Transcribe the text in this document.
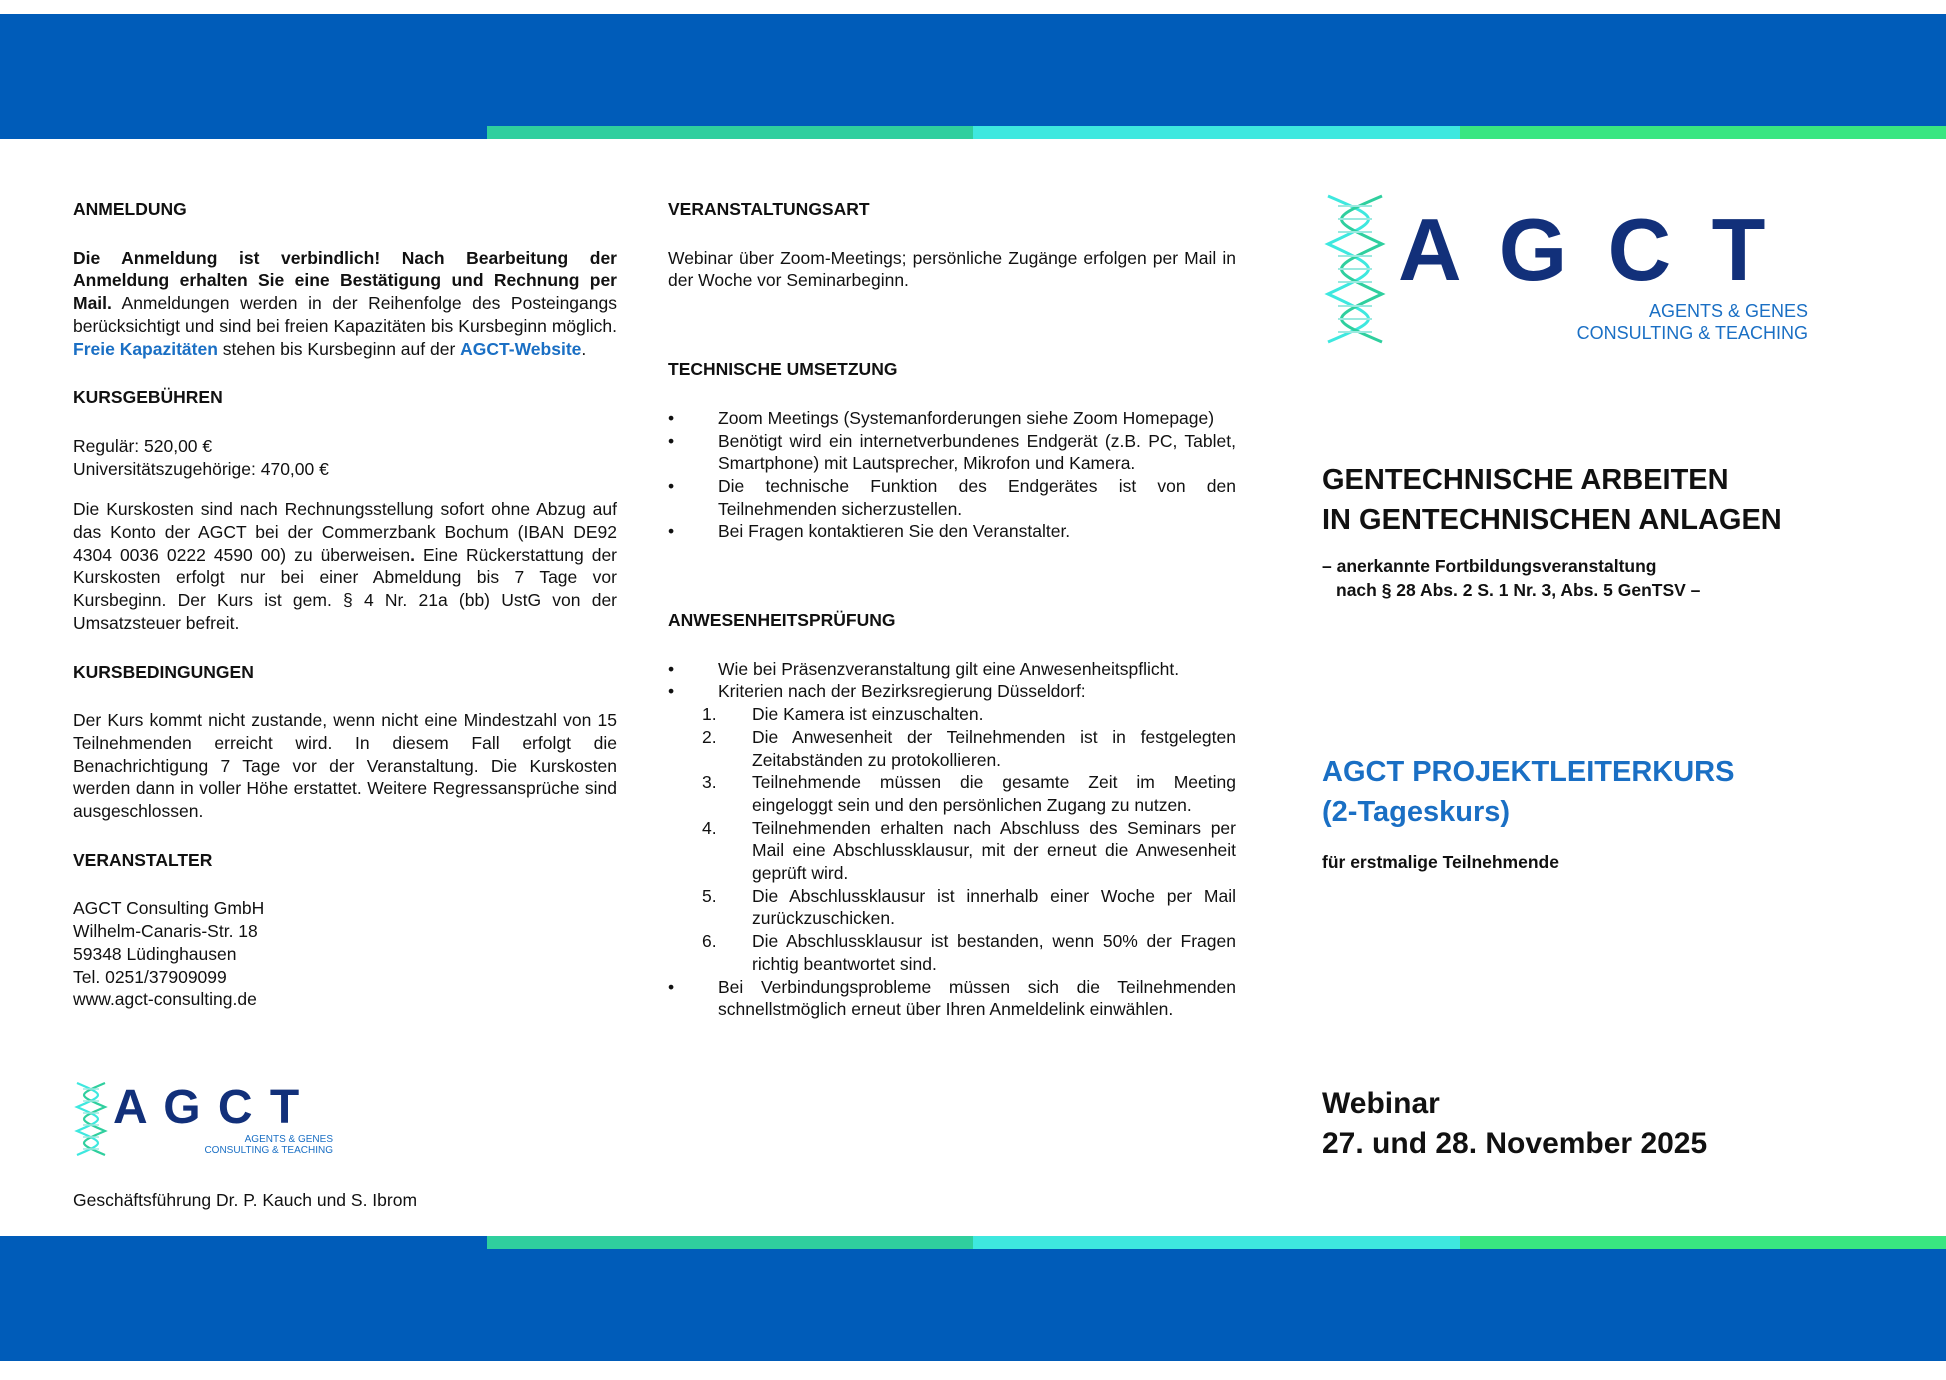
ANMELDUNG

Die Anmeldung ist verbindlich! Nach Bearbeitung der Anmeldung erhalten Sie eine Bestätigung und Rechnung per Mail. Anmeldungen werden in der Reihenfolge des Posteingangs berücksichtigt und sind bei freien Kapazitäten bis Kursbeginn möglich. Freie Kapazitäten stehen bis Kursbeginn auf der AGCT-Website.

KURSGEBÜHREN
Regulär: 520,00 €
Universitätszugehörige: 470,00 €

Die Kurskosten sind nach Rechnungsstellung sofort ohne Abzug auf das Konto der AGCT bei der Commerzbank Bochum (IBAN DE92 4304 0036 0222 4590 00) zu überweisen. Eine Rückerstattung der Kurskosten erfolgt nur bei einer Abmeldung bis 7 Tage vor Kursbeginn. Der Kurs ist gem. § 4 Nr. 21a (bb) UstG von der Umsatzsteuer befreit.

KURSBEDINGUNGEN

Der Kurs kommt nicht zustande, wenn nicht eine Mindestzahl von 15 Teilnehmenden erreicht wird. In diesem Fall erfolgt die Benachrichtigung 7 Tage vor der Veranstaltung. Die Kurskosten werden dann in voller Höhe erstattet. Weitere Regressansprüche sind ausgeschlossen.

VERANSTALTER
AGCT Consulting GmbH
Wilhelm-Canaris-Str. 18
59348 Lüdinghausen
Tel. 0251/37909099
www.agct-consulting.de
A G C T
AGENTS & GENES
CONSULTING & TEACHING
Geschäftsführung Dr. P. Kauch und S. Ibrom
VERANSTALTUNGSART

Webinar über Zoom-Meetings; persönliche Zugänge erfolgen per Mail in der Woche vor Seminarbeginn.

TECHNISCHE UMSETZUNG
• Zoom Meetings (Systemanforderungen siehe Zoom Homepage)
• Benötigt wird ein internetverbundenes Endgerät (z.B. PC, Tablet, Smartphone) mit Lautsprecher, Mikrofon und Kamera.
• Die technische Funktion des Endgerätes ist von den Teilnehmenden sicherzustellen.
• Bei Fragen kontaktieren Sie den Veranstalter.
ANWESENHEITSPRÜFUNG
• Wie bei Präsenzveranstaltung gilt eine Anwesenheitspflicht.
• Kriterien nach der Bezirksregierung Düsseldorf:
1. Die Kamera ist einzuschalten.
2. Die Anwesenheit der Teilnehmenden ist in festgelegten Zeitabständen zu protokollieren.
3. Teilnehmende müssen die gesamte Zeit im Meeting eingeloggt sein und den persönlichen Zugang zu nutzen.
4. Teilnehmenden erhalten nach Abschluss des Seminars per Mail eine Abschlussklausur, mit der erneut die Anwesenheit geprüft wird.
5. Die Abschlussklausur ist innerhalb einer Woche per Mail zurückzuschicken.
6. Die Abschlussklausur ist bestanden, wenn 50% der Fragen richtig beantwortet sind.
• Bei Verbindungsprobleme müssen sich die Teilnehmenden schnellstmöglich erneut über Ihren Anmeldelink einwählen.
A G C T
AGENTS & GENES
CONSULTING & TEACHING
GENTECHNISCHE ARBEITEN
IN GENTECHNISCHEN ANLAGEN
– anerkannte Fortbildungsveranstaltung
nach § 28 Abs. 2 S. 1 Nr. 3, Abs. 5 GenTSV –
AGCT PROJEKTLEITERKURS
(2-Tageskurs)
für erstmalige Teilnehmende
Webinar
27. und 28. November 2025
